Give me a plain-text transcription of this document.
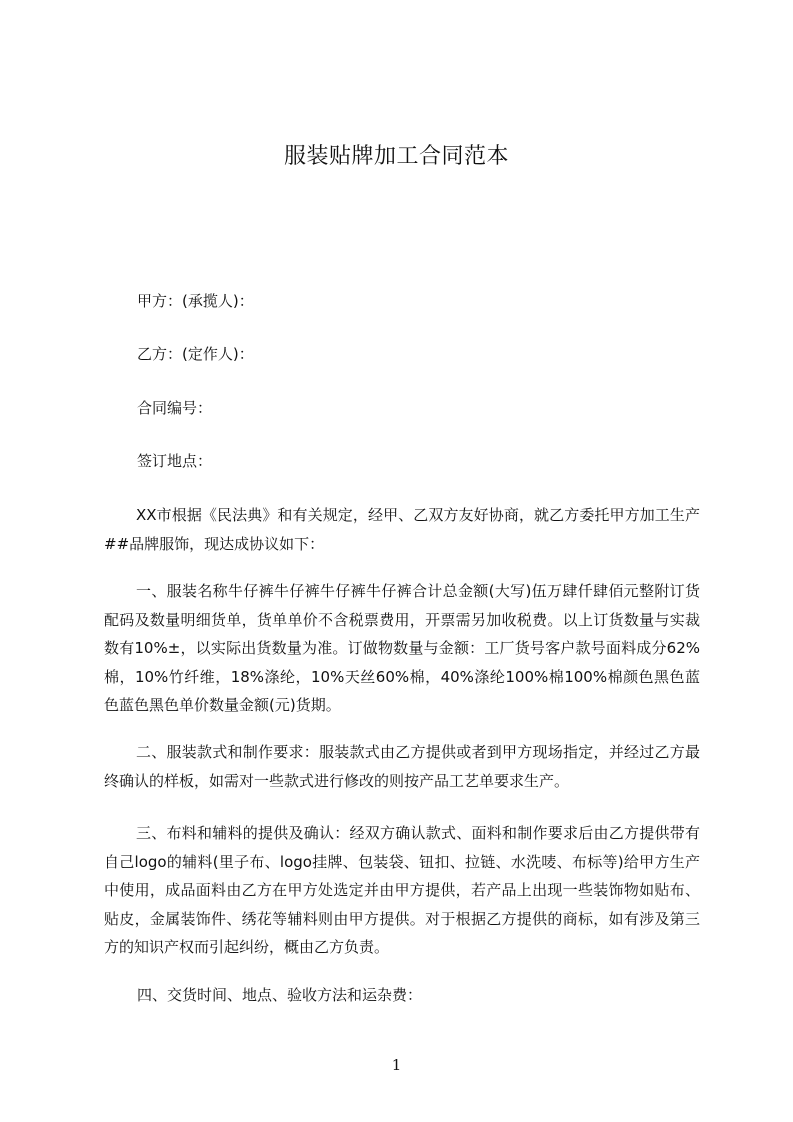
服装贴牌加工合同范本
甲方：(承揽人)：
乙方：(定作人)：
合同编号：
签订地点：
XX市根据《民法典》和有关规定，经甲、乙双方友好协商，就乙方委托甲方加工生产##品牌服饰，现达成协议如下：
一、服装名称牛仔裤牛仔裤牛仔裤牛仔裤合计总金额(大写)伍万肆仟肆佰元整附订货配码及数量明细货单，货单单价不含税票费用，开票需另加收税费。以上订货数量与实裁数有10%±，以实际出货数量为准。订做物数量与金额：工厂货号客户款号面料成分62%棉，10%竹纤维，18%涤纶，10%天丝60%棉，40%涤纶100%棉100%棉颜色黑色蓝色蓝色黑色单价数量金额(元)货期。
二、服装款式和制作要求：服装款式由乙方提供或者到甲方现场指定，并经过乙方最终确认的样板，如需对一些款式进行修改的则按产品工艺单要求生产。
三、布料和辅料的提供及确认：经双方确认款式、面料和制作要求后由乙方提供带有自己logo的辅料(里子布、logo挂牌、包装袋、钮扣、拉链、水洗唛、布标等)给甲方生产中使用，成品面料由乙方在甲方处选定并由甲方提供，若产品上出现一些装饰物如贴布、贴皮，金属装饰件、绣花等辅料则由甲方提供。对于根据乙方提供的商标，如有涉及第三方的知识产权而引起纠纷，概由乙方负责。
四、交货时间、地点、验收方法和运杂费：
1
